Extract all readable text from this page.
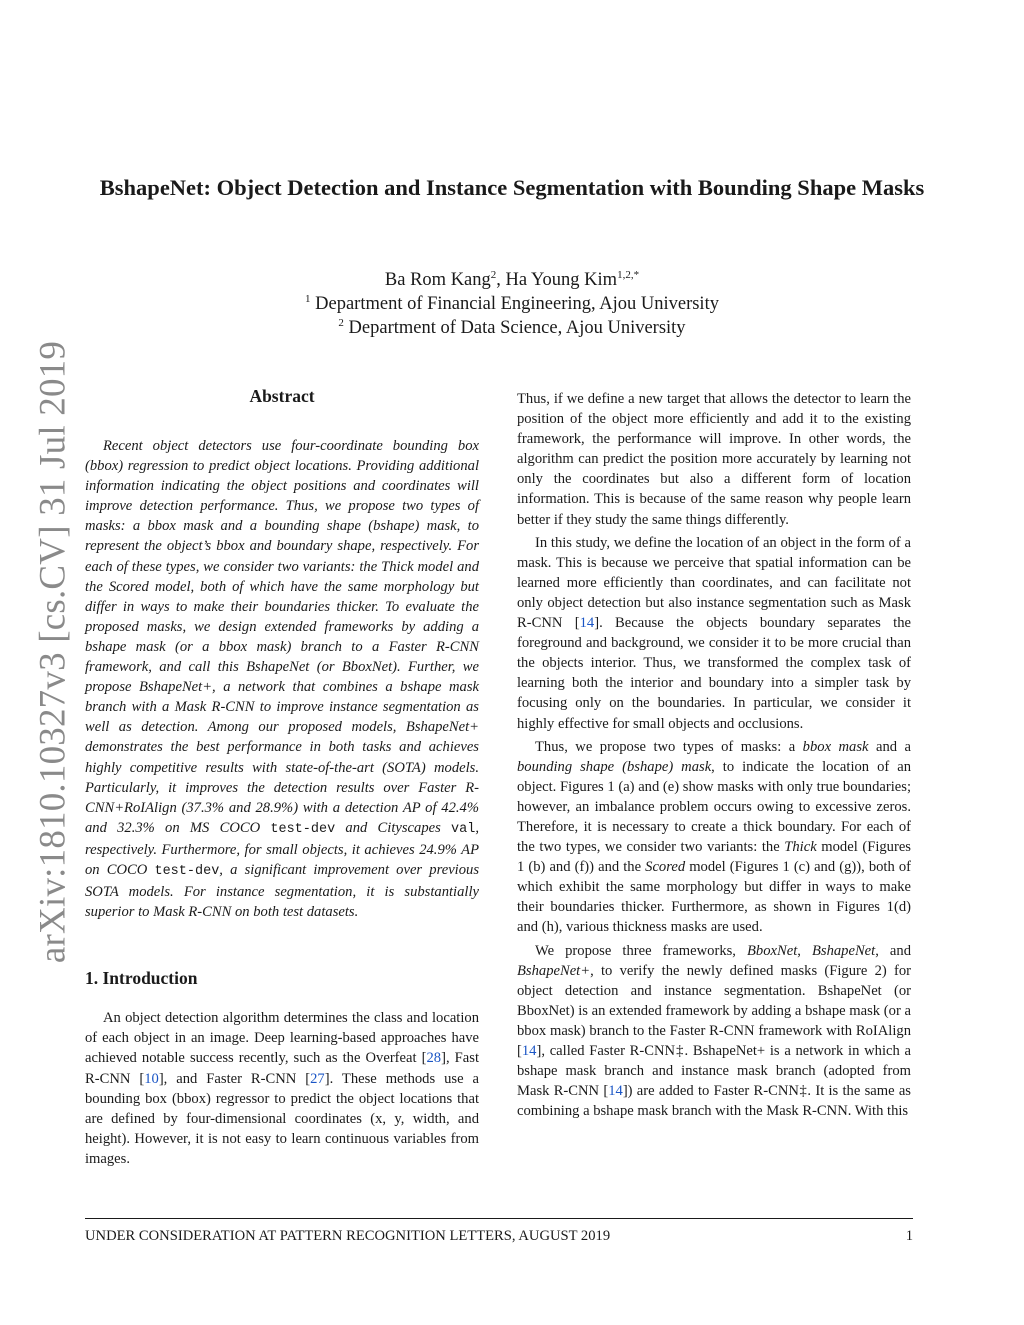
BshapeNet: Object Detection and Instance Segmentation with Bounding Shape Masks
Ba Rom Kang$^2$, Ha Young Kim$^{1,2,*}$
$^1$ Department of Financial Engineering, Ajou University
$^2$ Department of Data Science, Ajou University
arXiv:1810.10327v3 [cs.CV] 31 Jul 2019	Abstract

Recent object detectors use four-coordinate bounding box (bbox) regression to predict object locations. Providing additional information indicating the object positions and coordinates will improve detection performance. Thus, we propose two types of masks: a bbox mask and a bounding shape (bshape) mask, to represent the object’s bbox and boundary shape, respectively. For each of these types, we consider two variants: the Thick model and the Scored model, both of which have the same morphology but differ in ways to make their boundaries thicker. To evaluate the proposed masks, we design extended frameworks by adding a bshape mask (or a bbox mask) branch to a Faster R-CNN framework, and call this BshapeNet (or BboxNet). Further, we propose BshapeNet+, a network that combines a bshape mask branch with a Mask R-CNN to improve instance segmentation as well as detection. Among our proposed models, BshapeNet+ demonstrates the best performance in both tasks and achieves highly competitive results with state-of-the-art (SOTA) models. Particularly, it improves the detection results over Faster R-CNN+RoIAlign (37.3% and 28.9%) with a detection AP of 42.4% and 32.3% on MS COCO test-dev and Cityscapes val, respectively. Furthermore, for small objects, it achieves 24.9% AP on COCO test-dev, a significant improvement over previous SOTA models. For instance segmentation, it is substantially superior to Mask R-CNN on both test datasets.

1. Introduction

An object detection algorithm determines the class and location of each object in an image. Deep learning-based approaches have achieved notable success recently, such as the Overfeat [28], Fast R-CNN [10], and Faster R-CNN [27]. These methods use a bounding box (bbox) regressor to predict the object locations that are defined by four-dimensional coordinates (x, y, width, and height). However, it is not easy to learn continuous variables from images.

Thus, if we define a new target that allows the detector to learn the position of the object more efficiently and add it to the existing framework, the performance will improve. In other words, the algorithm can predict the position more accurately by learning not only the coordinates but also a different form of location information. This is because of the same reason why people learn better if they study the same things differently.

In this study, we define the location of an object in the form of a mask. This is because we perceive that spatial information can be learned more efficiently than coordinates, and can facilitate not only object detection but also instance segmentation such as Mask R-CNN [14]. Because the objects boundary separates the foreground and background, we consider it to be more crucial than the objects interior. Thus, we transformed the complex task of learning both the interior and boundary into a simpler task by focusing only on the boundaries. In particular, we consider it highly effective for small objects and occlusions.

Thus, we propose two types of masks: a bbox mask and a bounding shape (bshape) mask, to indicate the location of an object. Figures 1 (a) and (e) show masks with only true boundaries; however, an imbalance problem occurs owing to excessive zeros. Therefore, it is necessary to create a thick boundary. For each of the two types, we consider two variants: the Thick model (Figures 1 (b) and (f)) and the Scored model (Figures 1 (c) and (g)), both of which exhibit the same morphology but differ in ways to make their boundaries thicker. Furthermore, as shown in Figures 1(d) and (h), various thickness masks are used.

We propose three frameworks, BboxNet, BshapeNet, and BshapeNet+, to verify the newly defined masks (Figure 2) for object detection and instance segmentation. BshapeNet (or BboxNet) is an extended framework by adding a bshape mask (or a bbox mask) branch to the Faster R-CNN framework with RoIAlign [14], called Faster R-CNN‡. BshapeNet+ is a network in which a bshape mask branch and instance mask branch (adopted from Mask R-CNN [14]) are added to Faster R-CNN‡. It is the same as combining a bshape mask branch with the Mask R-CNN. With this

UNDER CONSIDERATION AT PATTERN RECOGNITION LETTERS, AUGUST 2019	1
